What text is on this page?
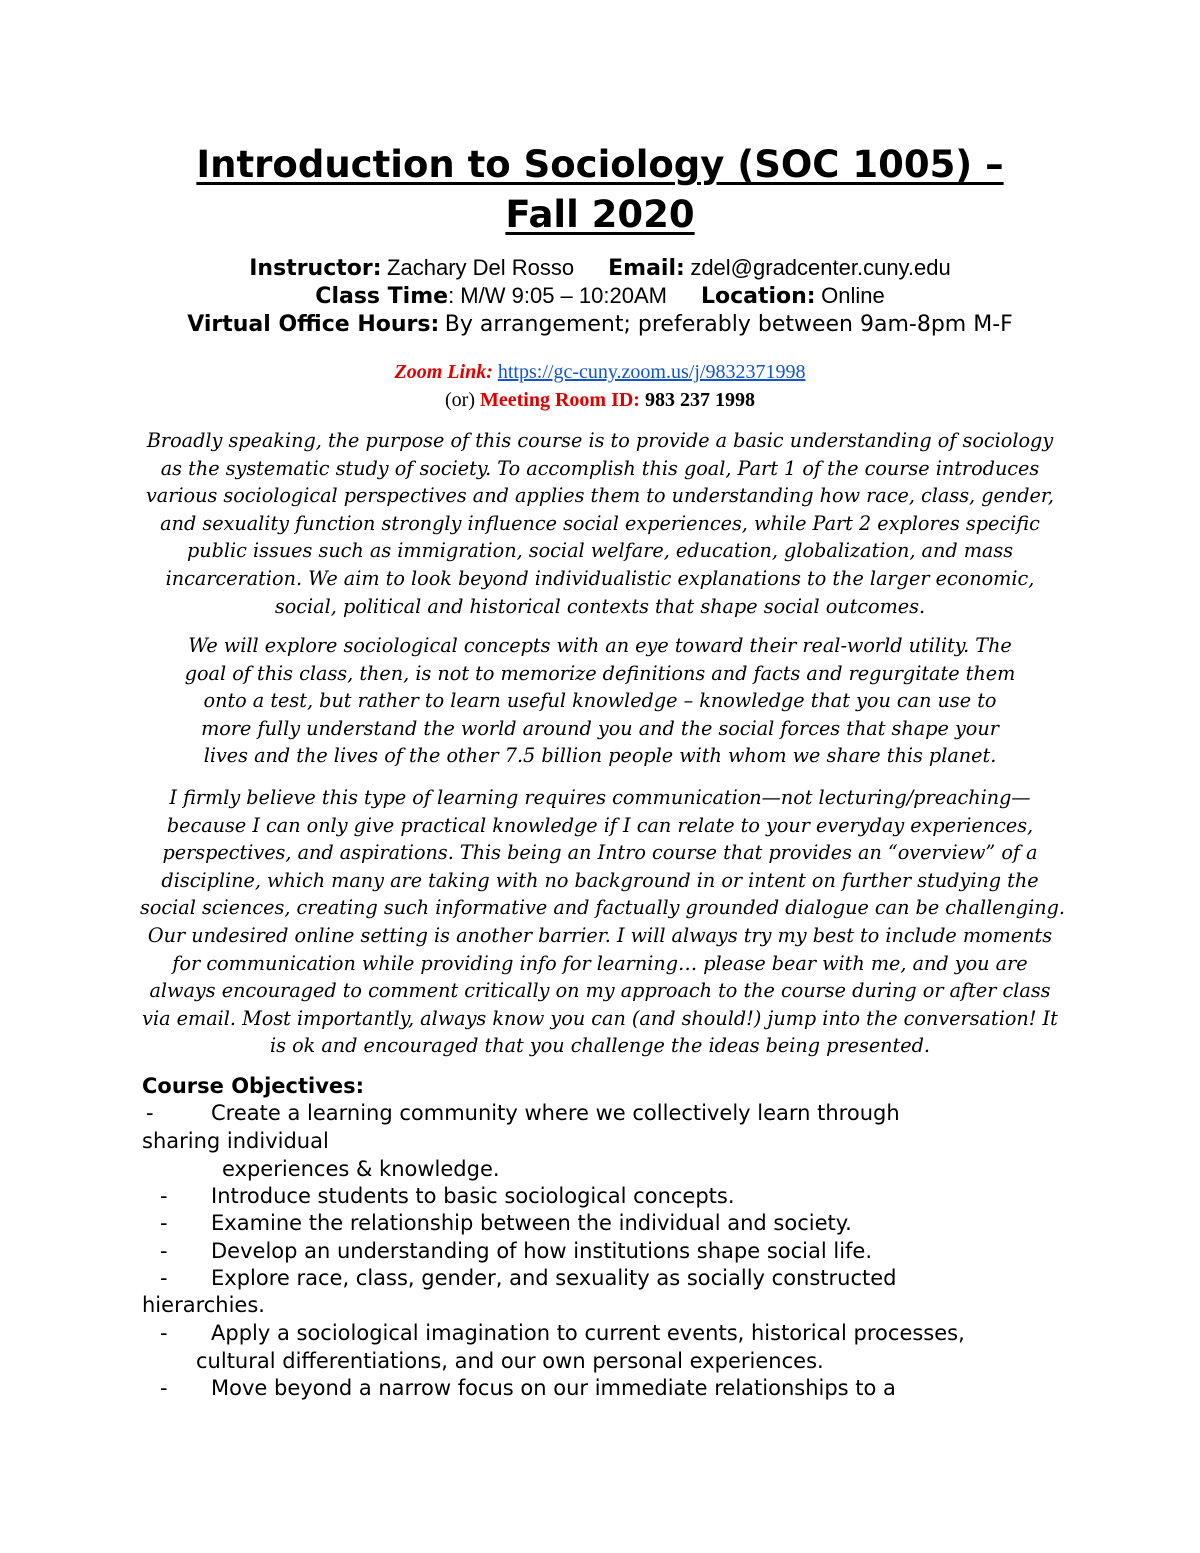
Introduction to Sociology (SOC 1005) –
Fall 2020
Instructor: Zachary Del Rosso Email: zdel@gradcenter.cuny.edu
Class Time: M/W 9:05 – 10:20AM Location: Online
Virtual Office Hours: By arrangement; preferably between 9am-8pm M-F
Zoom Link: https://gc-cuny.zoom.us/j/9832371998
(or) Meeting Room ID: 983 237 1998
Broadly speaking, the purpose of this course is to provide a basic understanding of sociology
as the systematic study of society. To accomplish this goal, Part 1 of the course introduces
various sociological perspectives and applies them to understanding how race, class, gender,
and sexuality function strongly influence social experiences, while Part 2 explores specific
public issues such as immigration, social welfare, education, globalization, and mass
incarceration. We aim to look beyond individualistic explanations to the larger economic,
social, political and historical contexts that shape social outcomes.
We will explore sociological concepts with an eye toward their real-world utility. The
goal of this class, then, is not to memorize definitions and facts and regurgitate them
onto a test, but rather to learn useful knowledge – knowledge that you can use to
more fully understand the world around you and the social forces that shape your
lives and the lives of the other 7.5 billion people with whom we share this planet.
I firmly believe this type of learning requires communication—not lecturing/preaching—
because I can only give practical knowledge if I can relate to your everyday experiences,
perspectives, and aspirations. This being an Intro course that provides an “overview” of a
discipline, which many are taking with no background in or intent on further studying the
social sciences, creating such informative and factually grounded dialogue can be challenging.
Our undesired online setting is another barrier. I will always try my best to include moments
for communication while providing info for learning… please bear with me, and you are
always encouraged to comment critically on my approach to the course during or after class
via email. Most importantly, always know you can (and should!) jump into the conversation! It
is ok and encouraged that you challenge the ideas being presented.
Course Objectives:
-	Create a learning community where we collectively learn through
sharing individual
experiences & knowledge.
- Introduce students to basic sociological concepts.
- Examine the relationship between the individual and society.
- Develop an understanding of how institutions shape social life.
- Explore race, class, gender, and sexuality as socially constructed
hierarchies.
- Apply a sociological imagination to current events, historical processes,
cultural differentiations, and our own personal experiences.
- Move beyond a narrow focus on our immediate relationships to a
